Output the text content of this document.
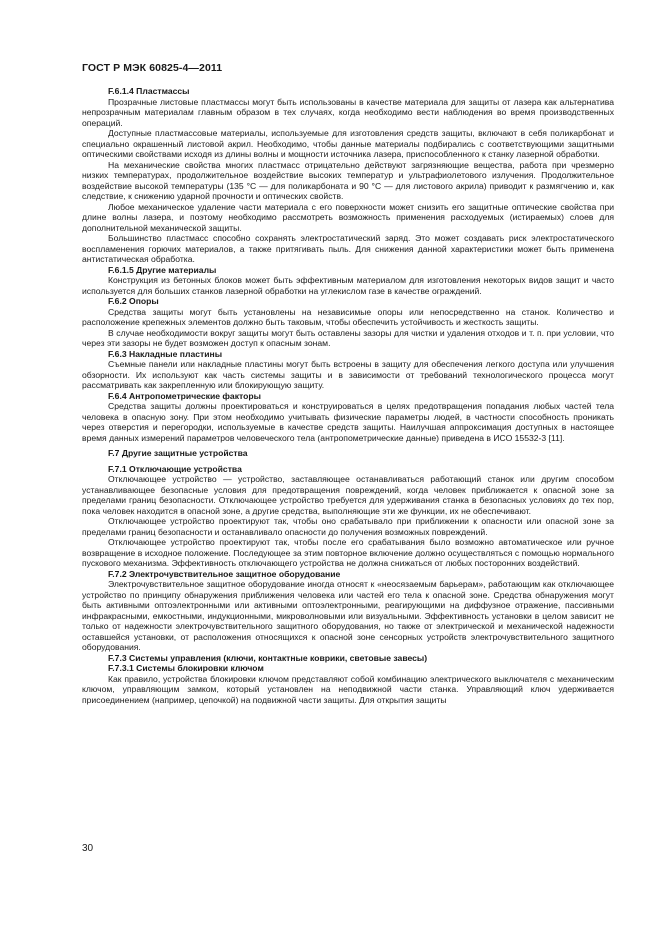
ГОСТ Р МЭК 60825-4—2011
F.6.1.4 Пластмассы

Прозрачные листовые пластмассы могут быть использованы в качестве материала для защиты от лазера как альтернатива непрозрачным материалам главным образом в тех случаях, когда необходимо вести наблюдения во время производственных операций.

Доступные пластмассовые материалы, используемые для изготовления средств защиты, включают в себя поликарбонат и специально окрашенный листовой акрил. Необходимо, чтобы данные материалы подбирались с соответствующими защитными оптическими свойствами исходя из длины волны и мощности источника лазера, приспособленного к станку лазерной обработки.

На механические свойства многих пластмасс отрицательно действуют загрязняющие вещества, работа при чрезмерно низких температурах, продолжительное воздействие высоких температур и ультрафиолетового излучения. Продолжительное воздействие высокой температуры (135 °С — для поликарбоната и 90 °С — для листового акрила) приводит к размягчению и, как следствие, к снижению ударной прочности и оптических свойств.

Любое механическое удаление части материала с его поверхности может снизить его защитные оптические свойства при длине волны лазера, и поэтому необходимо рассмотреть возможность применения расходуемых (истираемых) слоев для дополнительной механической защиты.

Большинство пластмасс способно сохранять электростатический заряд. Это может создавать риск электростатического воспламенения горючих материалов, а также притягивать пыль. Для снижения данной характеристики может быть применена антистатическая обработка.

F.6.1.5 Другие материалы

Конструкция из бетонных блоков может быть эффективным материалом для изготовления некоторых видов защит и часто используется для больших станков лазерной обработки на углекислом газе в качестве ограждений.

F.6.2 Опоры

Средства защиты могут быть установлены на независимые опоры или непосредственно на станок. Количество и расположение крепежных элементов должно быть таковым, чтобы обеспечить устойчивость и жесткость защиты.

В случае необходимости вокруг защиты могут быть оставлены зазоры для чистки и удаления отходов и т. п. при условии, что через эти зазоры не будет возможен доступ к опасным зонам.

F.6.3 Накладные пластины

Съемные панели или накладные пластины могут быть встроены в защиту для обеспечения легкого доступа или улучшения обзорности. Их используют как часть системы защиты и в зависимости от требований технологического процесса могут рассматривать как закрепленную или блокирующую защиту.

F.6.4 Антропометрические факторы

Средства защиты должны проектироваться и конструироваться в целях предотвращения попадания любых частей тела человека в опасную зону. При этом необходимо учитывать физические параметры людей, в частности способность проникать через отверстия и перегородки, используемые в качестве средств защиты. Наилучшая аппроксимация доступных в настоящее время данных измерений параметров человеческого тела (антропометрические данные) приведена в ИСО 15532-3 [11].

F.7 Другие защитные устройства
F.7.1 Отключающие устройства

Отключающее устройство — устройство, заставляющее останавливаться работающий станок или другим способом устанавливающее безопасные условия для предотвращения повреждений, когда человек приближается к опасной зоне за пределами границ безопасности. Отключающее устройство требуется для удерживания станка в безопасных условиях до тех пор, пока человек находится в опасной зоне, а другие средства, выполняющие эти же функции, их не обеспечивают.

Отключающее устройство проектируют так, чтобы оно срабатывало при приближении к опасности или опасной зоне за пределами границ безопасности и останавливало опасности до получения возможных повреждений.

Отключающее устройство проектируют так, чтобы после его срабатывания было возможно автоматическое или ручное возвращение в исходное положение. Последующее за этим повторное включение должно осуществляться с помощью нормального пускового механизма. Эффективность отключающего устройства не должна снижаться от любых посторонних воздействий.

F.7.2 Электрочувствительное защитное оборудование

Электрочувствительное защитное оборудование иногда относят к «неосязаемым барьерам», работающим как отключающее устройство по принципу обнаружения приближения человека или частей его тела к опасной зоне. Средства обнаружения могут быть активными оптоэлектронными или активными оптоэлектронными, реагирующими на диффузное отражение, пассивными инфракрасными, емкостными, индукционными, микроволновыми или визуальными. Эффективность установки в целом зависит не только от надежности электрочувствительного защитного оборудования, но также от электрической и механической надежности оставшейся установки, от расположения относящихся к опасной зоне сенсорных устройств электрочувствительного защитного оборудования.

F.7.3 Системы управления (ключи, контактные коврики, световые завесы)
F.7.3.1 Системы блокировки ключом

Как правило, устройства блокировки ключом представляют собой комбинацию электрического выключателя с механическим ключом, управляющим замком, который установлен на неподвижной части станка. Управляющий ключ удерживается присоединением (например, цепочкой) на подвижной части защиты. Для открытия защиты

30
